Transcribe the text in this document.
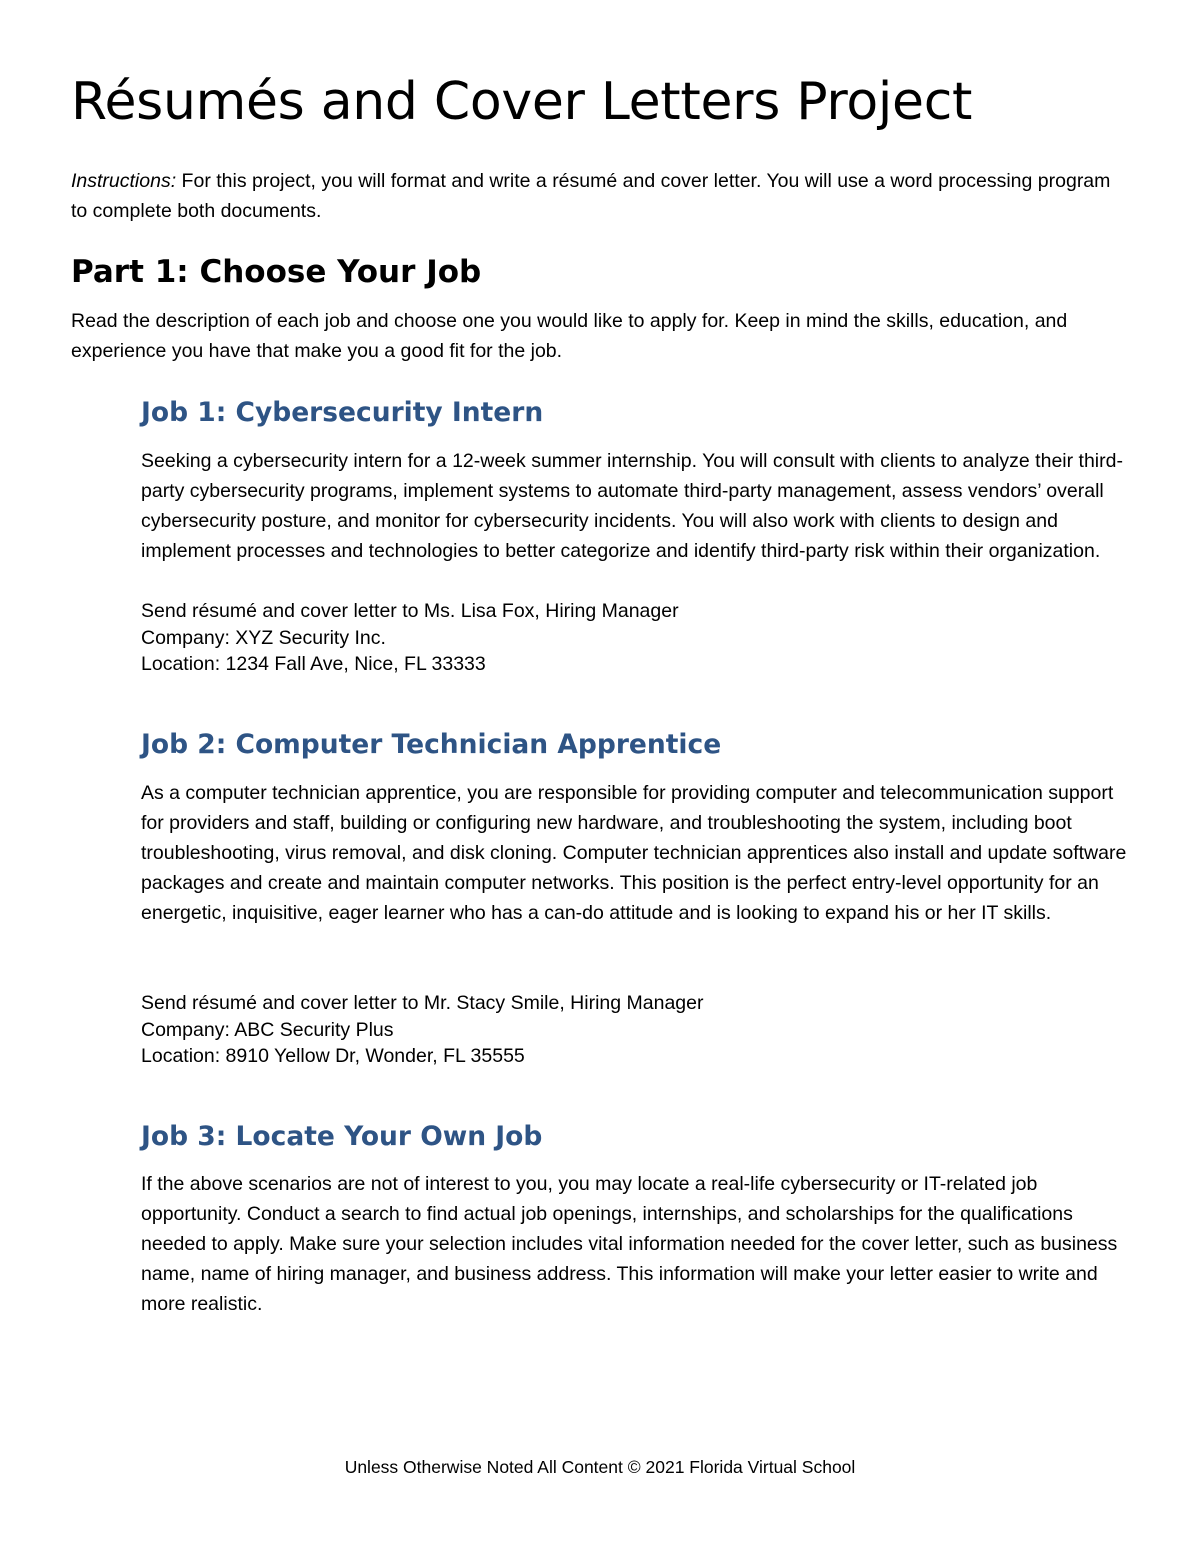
Résumés and Cover Letters Project

Instructions: For this project, you will format and write a résumé and cover letter. You will use a word processing program to complete both documents.

Part 1: Choose Your Job

Read the description of each job and choose one you would like to apply for. Keep in mind the skills, education, and experience you have that make you a good fit for the job.

Job 1: Cybersecurity Intern

Seeking a cybersecurity intern for a 12-week summer internship. You will consult with clients to analyze their third-party cybersecurity programs, implement systems to automate third-party management, assess vendors’ overall cybersecurity posture, and monitor for cybersecurity incidents. You will also work with clients to design and implement processes and technologies to better categorize and identify third-party risk within their organization.

Send résumé and cover letter to Ms. Lisa Fox, Hiring Manager
Company: XYZ Security Inc.
Location: 1234 Fall Ave, Nice, FL 33333
Job 2: Computer Technician Apprentice

As a computer technician apprentice, you are responsible for providing computer and telecommunication support for providers and staff, building or configuring new hardware, and troubleshooting the system, including boot troubleshooting, virus removal, and disk cloning. Computer technician apprentices also install and update software packages and create and maintain computer networks. This position is the perfect entry-level opportunity for an energetic, inquisitive, eager learner who has a can-do attitude and is looking to expand his or her IT skills.

Send résumé and cover letter to Mr. Stacy Smile, Hiring Manager
Company: ABC Security Plus
Location: 8910 Yellow Dr, Wonder, FL 35555
Job 3: Locate Your Own Job

If the above scenarios are not of interest to you, you may locate a real-life cybersecurity or IT-related job opportunity. Conduct a search to find actual job openings, internships, and scholarships for the qualifications needed to apply. Make sure your selection includes vital information needed for the cover letter, such as business name, name of hiring manager, and business address. This information will make your letter easier to write and more realistic.

Unless Otherwise Noted All Content © 2021 Florida Virtual School
